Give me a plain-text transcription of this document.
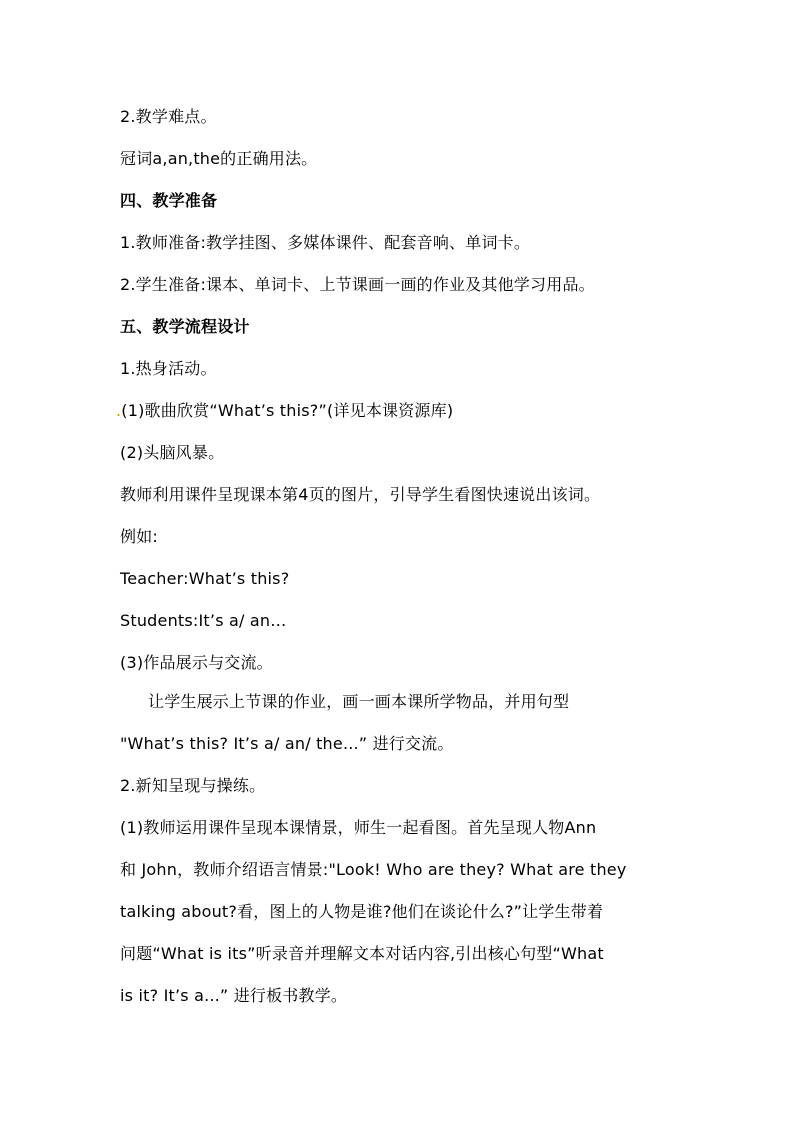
2.教学难点。
冠词a,an,the的正确用法。
四、教学准备
1.教师准备:教学挂图、多媒体课件、配套音响、单词卡。
2.学生准备:课本、单词卡、上节课画一画的作业及其他学习用品。
五、教学流程设计
1.热身活动。
.(1)歌曲欣赏“What’s this?”(详见本课资源库)
(2)头脑风暴。
教师利用课件呈现课本第4页的图片，引导学生看图快速说出该词。
例如:
Teacher:What’s this?
Students:It’s a/ an…
(3)作品展示与交流。
让学生展示上节课的作业，画一画本课所学物品，并用句型
"What’s this? It’s a/ an/ the...” 进行交流。
2.新知呈现与操练。
(1)教师运用课件呈现本课情景，师生一起看图。首先呈现人物Ann
和 John，教师介绍语言情景:"Look! Who are they? What are they
talking about?看，图上的人物是谁?他们在谈论什么?”让学生带着
问题“What is its”听录音并理解文本对话内容,引出核心句型“What
is it? It’s a...” 进行板书教学。
